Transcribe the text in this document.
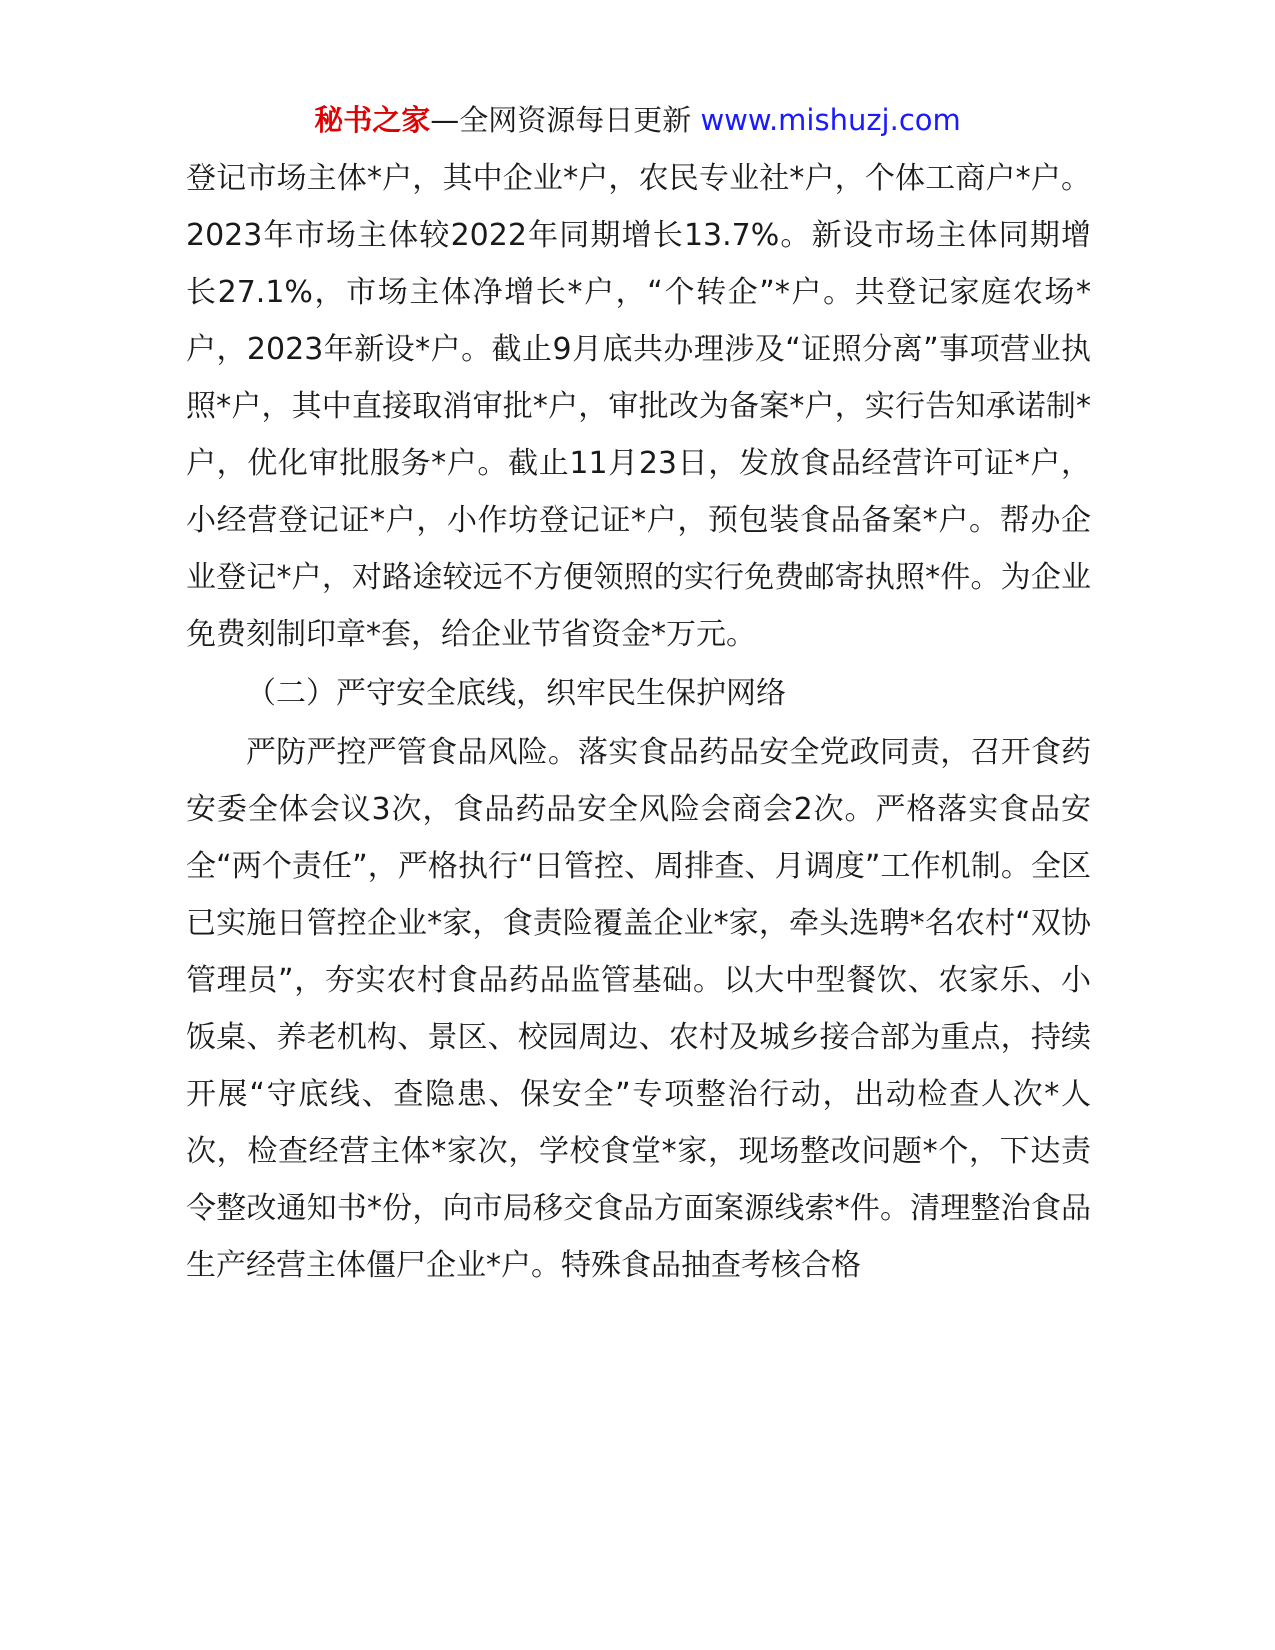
秘书之家—全网资源每日更新 www.mishuzj.com

登记市场主体*户，其中企业*户，农民专业社*户，个体工商户*户。2023年市场主体较2022年同期增长13.7%。新设市场主体同期增长27.1%，市场主体净增长*户，“个转企”*户。共登记家庭农场*户，2023年新设*户。截止9月底共办理涉及“证照分离”事项营业执照*户，其中直接取消审批*户，审批改为备案*户，实行告知承诺制*户，优化审批服务*户。截止11月23日，发放食品经营许可证*户，小经营登记证*户，小作坊登记证*户，预包装食品备案*户。帮办企业登记*户，对路途较远不方便领照的实行免费邮寄执照*件。为企业免费刻制印章*套，给企业节省资金*万元。

（二）严守安全底线，织牢民生保护网络

严防严控严管食品风险。落实食品药品安全党政同责，召开食药安委全体会议3次，食品药品安全风险会商会2次。严格落实食品安全“两个责任”，严格执行“日管控、周排查、月调度”工作机制。全区已实施日管控企业*家，食责险覆盖企业*家，牵头选聘*名农村“双协管理员”，夯实农村食品药品监管基础。以大中型餐饮、农家乐、小饭桌、养老机构、景区、校园周边、农村及城乡接合部为重点，持续开展“守底线、查隐患、保安全”专项整治行动，出动检查人次*人次，检查经营主体*家次，学校食堂*家，现场整改问题*个，下达责令整改通知书*份，向市局移交食品方面案源线索*件。清理整治食品生产经营主体僵尸企业*户。特殊食品抽查考核合格
